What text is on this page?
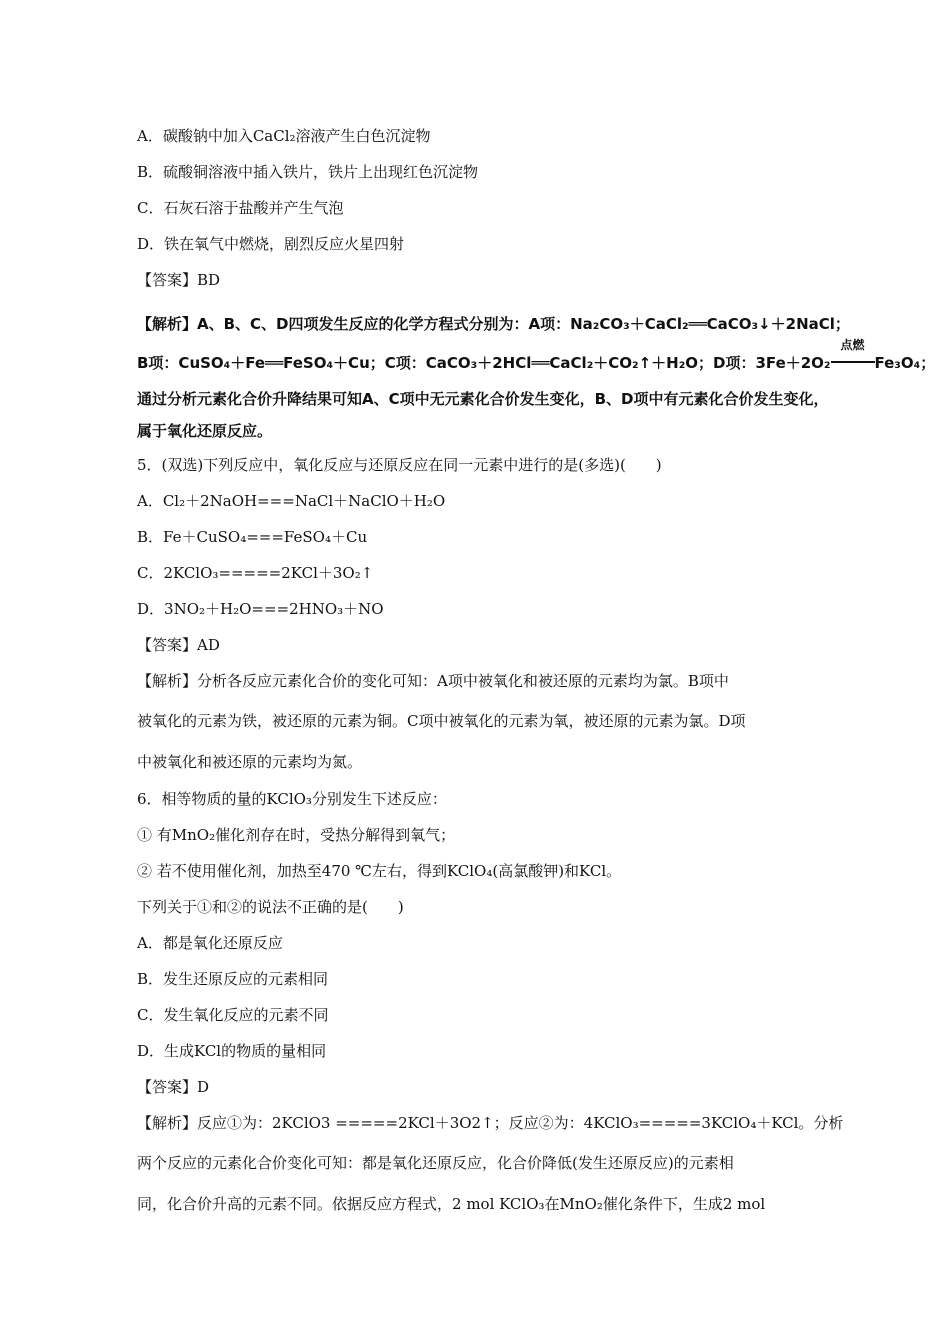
A．碳酸钠中加入CaCl₂溶液产生白色沉淀物
B．硫酸铜溶液中插入铁片，铁片上出现红色沉淀物
C．石灰石溶于盐酸并产生气泡
D．铁在氧气中燃烧，剧烈反应火星四射
【答案】BD
【解析】A、B、C、D四项发生反应的化学方程式分别为：A项：Na₂CO₃＋CaCl₂══CaCO₃↓＋2NaCl；
B项：CuSO₄＋Fe══FeSO₄＋Cu；C项：CaCO₃＋2HCl══CaCl₂＋CO₂↑＋H₂O；D项：3Fe＋2O₂
点燃
Fe₃O₄；
通过分析元素化合价升降结果可知A、C项中无元素化合价发生变化，B、D项中有元素化合价发生变化，
属于氧化还原反应。
5．(双选)下列反应中，氧化反应与还原反应在同一元素中进行的是(多选)(　　)
A．Cl₂＋2NaOH===NaCl＋NaClO＋H₂O
B．Fe＋CuSO₄===FeSO₄＋Cu
C．2KClO₃=====2KCl＋3O₂↑
D．3NO₂＋H₂O===2HNO₃＋NO
【答案】AD
【解析】分析各反应元素化合价的变化可知：A项中被氧化和被还原的元素均为氯。B项中
被氧化的元素为铁，被还原的元素为铜。C项中被氧化的元素为氧，被还原的元素为氯。D项
中被氧化和被还原的元素均为氮。
6．相等物质的量的KClO₃分别发生下述反应：
① 有MnO₂催化剂存在时，受热分解得到氧气；
② 若不使用催化剂，加热至470 ℃左右，得到KClO₄(高氯酸钾)和KCl。
下列关于①和②的说法不正确的是(　　)
A．都是氧化还原反应
B．发生还原反应的元素相同
C．发生氧化反应的元素不同
D．生成KCl的物质的量相同
【答案】D
【解析】反应①为：2KClO3 =====2KCl＋3O2↑；反应②为：4KClO₃=====3KClO₄＋KCl。分析
两个反应的元素化合价变化可知：都是氧化还原反应，化合价降低(发生还原反应)的元素相
同，化合价升高的元素不同。依据反应方程式，2 mol KClO₃在MnO₂催化条件下，生成2 mol
